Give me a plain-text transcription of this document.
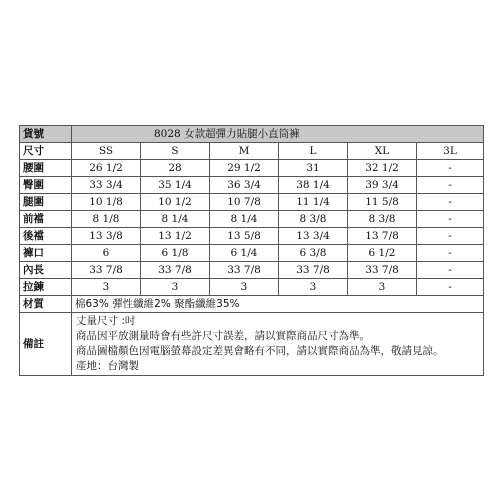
貨號	8028 女款超彈力貼腿小直筒褲					
尺寸	SS	S	M	L	XL	3L
腰圍	26 1/2	28	29 1/2	31	32 1/2	-
臀圍	33 3/4	35 1/4	36 3/4	38 1/4	39 3/4	-
腿圍	10 1/8	10 1/2	10 7/8	11 1/4	11 5/8	-
前襠	8 1/8	8 1/4	8 1/4	8 3/8	8 3/8	-
後襠	13 3/8	13 1/2	13 5/8	13 3/4	13 7/8	-
褲口	6	6 1/8	6 1/4	6 3/8	6 1/2	-
內長	33 7/8	33 7/8	33 7/8	33 7/8	33 7/8	-
拉鍊	3	3	3	3	3	-
材質	棉63% 彈性纖維2% 聚酯纖維35%					
備註	丈量尺寸 :吋
商品因平放測量時會有些許尺寸誤差，請以實際商品尺寸為準。
商品圖檔顏色因電腦螢幕設定差異會略有不同，請以實際商品為準，敬請見諒。
產地：台灣製					
